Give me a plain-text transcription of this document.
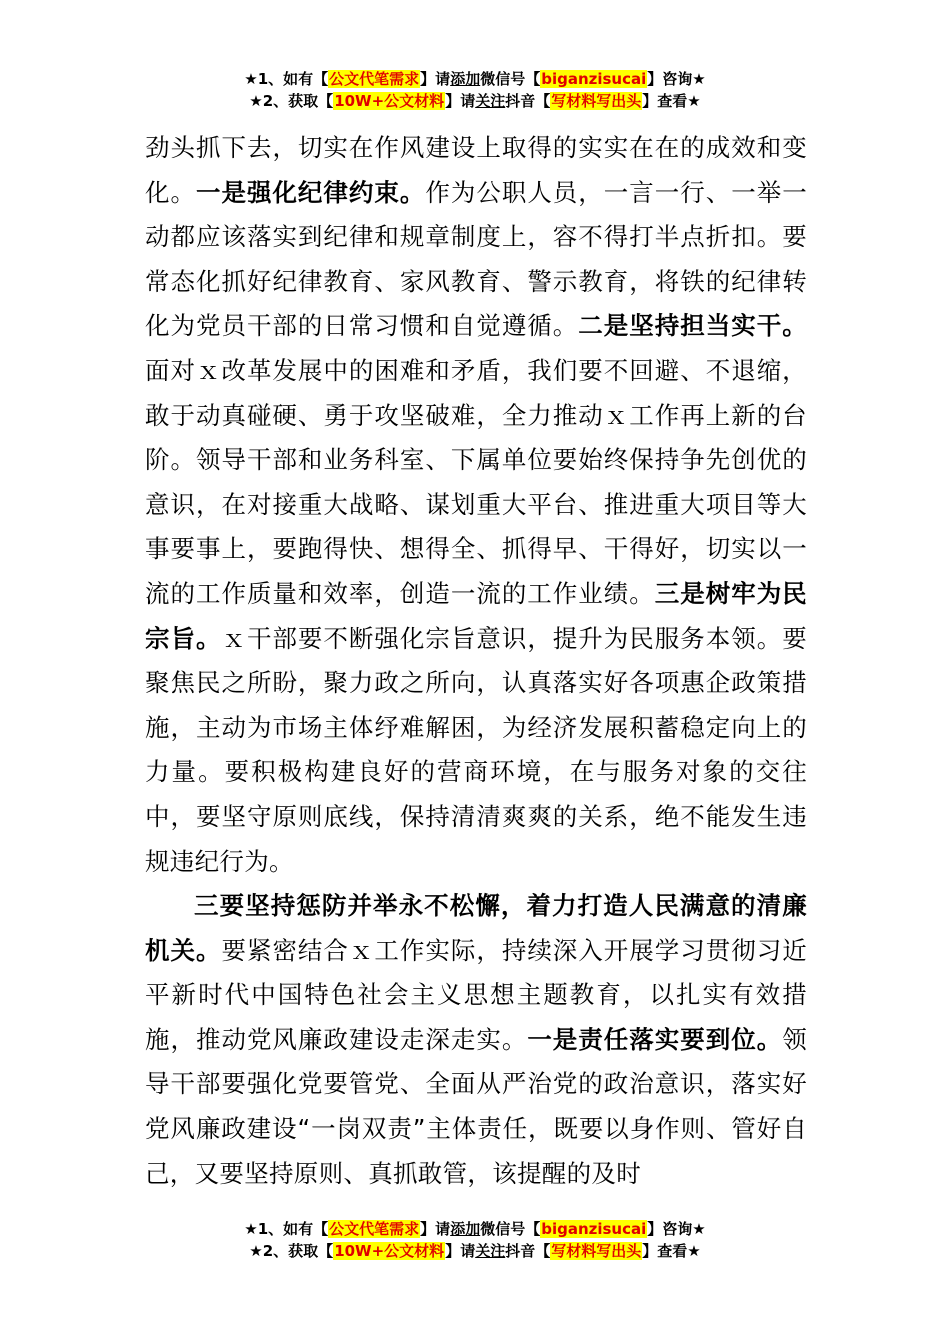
★1、如有【公文代笔需求】请添加微信号【biganzisucai】咨询★
★2、获取【10W+公文材料】请关注抖音【写材料写出头】查看★

劲头抓下去，切实在作风建设上取得的实实在在的成效和变化。一是强化纪律约束。作为公职人员，一言一行、一举一动都应该落实到纪律和规章制度上，容不得打半点折扣。要常态化抓好纪律教育、家风教育、警示教育，将铁的纪律转化为党员干部的日常习惯和自觉遵循。二是坚持担当实干。面对ｘ改革发展中的困难和矛盾，我们要不回避、不退缩，敢于动真碰硬、勇于攻坚破难，全力推动ｘ工作再上新的台阶。领导干部和业务科室、下属单位要始终保持争先创优的意识，在对接重大战略、谋划重大平台、推进重大项目等大事要事上，要跑得快、想得全、抓得早、干得好，切实以一流的工作质量和效率，创造一流的工作业绩。三是树牢为民宗旨。ｘ干部要不断强化宗旨意识，提升为民服务本领。要聚焦民之所盼，聚力政之所向，认真落实好各项惠企政策措施，主动为市场主体纾难解困，为经济发展积蓄稳定向上的力量。要积极构建良好的营商环境，在与服务对象的交往中，要坚守原则底线，保持清清爽爽的关系，绝不能发生违规违纪行为。

三要坚持惩防并举永不松懈，着力打造人民满意的清廉机关。要紧密结合ｘ工作实际，持续深入开展学习贯彻习近平新时代中国特色社会主义思想主题教育，以扎实有效措施，推动党风廉政建设走深走实。一是责任落实要到位。领导干部要强化党要管党、全面从严治党的政治意识，落实好党风廉政建设“一岗双责”主体责任，既要以身作则、管好自己，又要坚持原则、真抓敢管，该提醒的及时

★1、如有【公文代笔需求】请添加微信号【biganzisucai】咨询★
★2、获取【10W+公文材料】请关注抖音【写材料写出头】查看★
